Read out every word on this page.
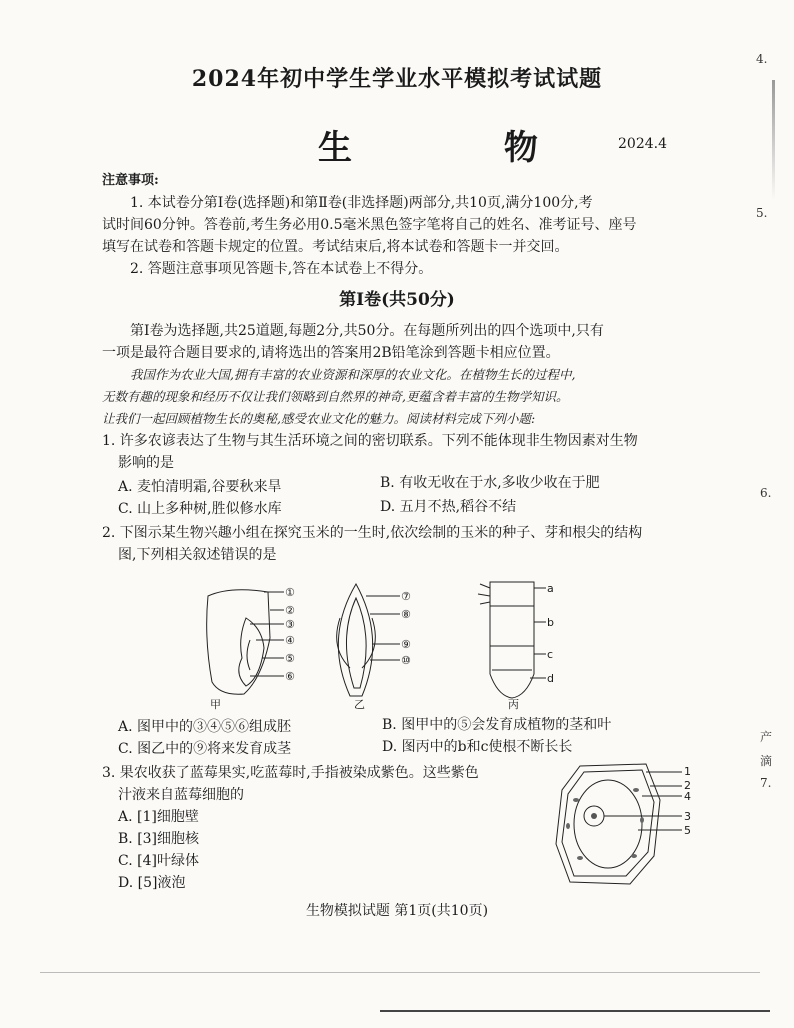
2024年初中学生学业水平模拟考试试题
生 物 2024.4
注意事项:
1. 本试卷分第Ⅰ卷(选择题)和第Ⅱ卷(非选择题)两部分,共10页,满分100分,考
试时间60分钟。答卷前,考生务必用0.5毫米黑色签字笔将自己的姓名、准考证号、座号
填写在试卷和答题卡规定的位置。考试结束后,将本试卷和答题卡一并交回。
2. 答题注意事项见答题卡,答在本试卷上不得分。
第Ⅰ卷(共50分)
第Ⅰ卷为选择题,共25道题,每题2分,共50分。在每题所列出的四个选项中,只有
一项是最符合题目要求的,请将选出的答案用2B铅笔涂到答题卡相应位置。
我国作为农业大国,拥有丰富的农业资源和深厚的农业文化。在植物生长的过程中,
无数有趣的现象和经历不仅让我们领略到自然界的神奇,更蕴含着丰富的生物学知识。
让我们一起回顾植物生长的奥秘,感受农业文化的魅力。阅读材料完成下列小题:
1. 许多农谚表达了生物与其生活环境之间的密切联系。下列不能体现非生物因素对生物
影响的是
A. 麦怕清明霜,谷要秋来旱	B. 有收无收在于水,多收少收在于肥
C. 山上多种树,胜似修水库	D. 五月不热,稻谷不结
2. 下图示某生物兴趣小组在探究玉米的一生时,依次绘制的玉米的种子、芽和根尖的结构
图,下列相关叙述错误的是
①
②
③
④
⑤
⑥
⑦
⑧
⑨
⑩
a
b
c
d
甲	乙	丙
A. 图甲中的③④⑤⑥组成胚	B. 图甲中的⑤会发育成植物的茎和叶
C. 图乙中的⑨将来发育成茎	D. 图丙中的b和c使根不断长长
3. 果农收获了蓝莓果实,吃蓝莓时,手指被染成紫色。这些紫色
汁液来自蓝莓细胞的
A. [1]细胞壁
B. [3]细胞核
C. [4]叶绿体
D. [5]液泡
1
2
4
3
5
生物模拟试题 第1页(共10页)
4.
5.
6.
产
滴
7.
